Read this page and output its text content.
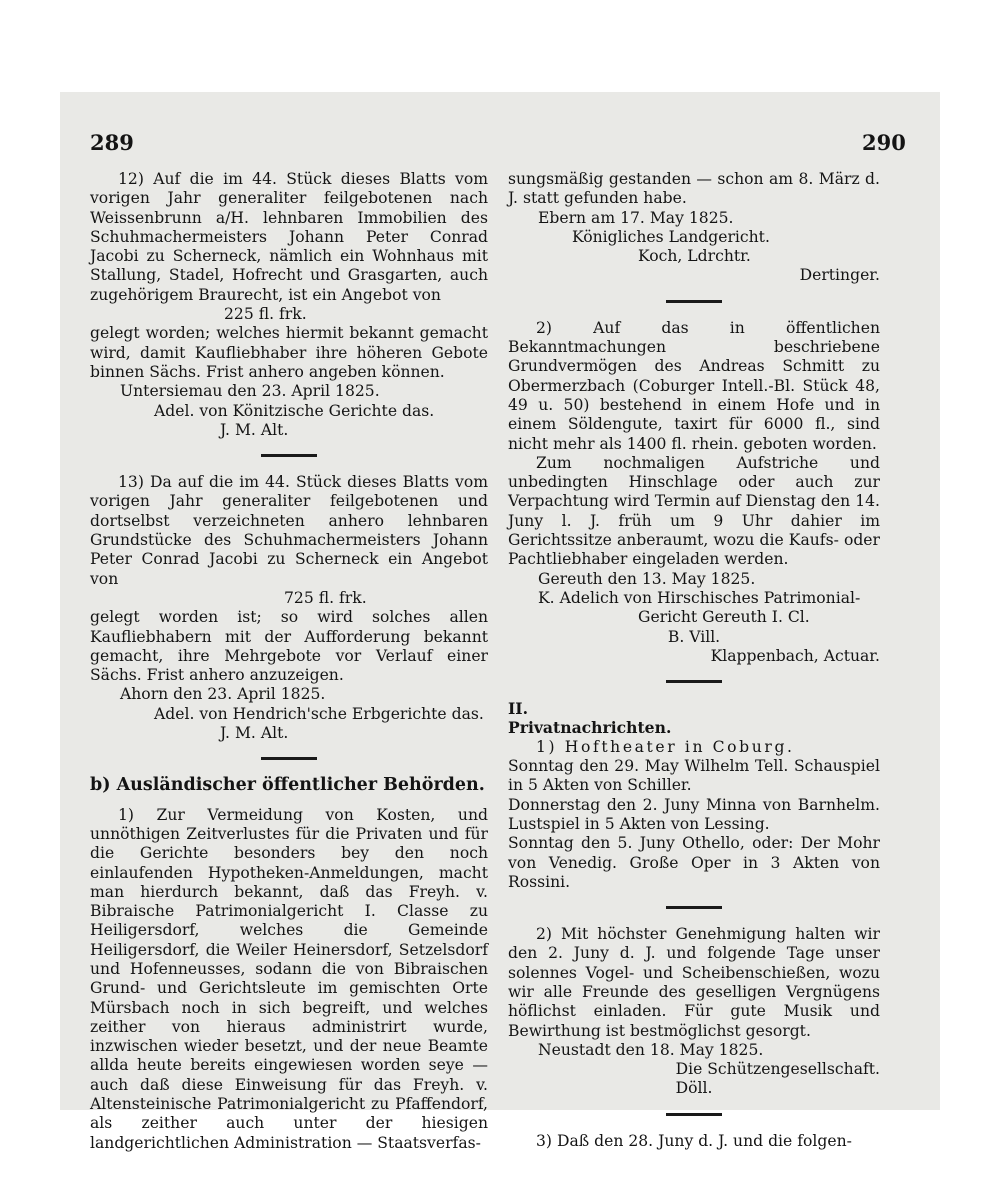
289	290

12) Auf die im 44. Stück dieses Blatts vom vorigen Jahr generaliter feilgebotenen nach Weissenbrunn a/H. lehnbaren Immobilien des Schuhmachermeisters Johann Peter Conrad Jacobi zu Scherneck, nämlich ein Wohnhaus mit Stallung, Stadel, Hofrecht und Grasgarten, auch zugehörigem Braurecht, ist ein Angebot von

225 fl. frk.

gelegt worden; welches hiermit bekannt gemacht wird, damit Kaufliebhaber ihre höheren Gebote binnen Sächs. Frist anhero angeben können.

Untersiemau den 23. April 1825.

Adel. von Könitzische Gerichte das.

J. M. Alt.

13) Da auf die im 44. Stück dieses Blatts vom vorigen Jahr generaliter feilgebotenen und dortselbst verzeichneten anhero lehnbaren Grundstücke des Schuhmachermeisters Johann Peter Conrad Jacobi zu Scherneck ein Angebot von

725 fl. frk.

gelegt worden ist; so wird solches allen Kaufliebhabern mit der Aufforderung bekannt gemacht, ihre Mehrgebote vor Verlauf einer Sächs. Frist anhero anzuzeigen.

Ahorn den 23. April 1825.

Adel. von Hendrich'sche Erbgerichte das.

J. M. Alt.

b) Ausländischer öffentlicher Behörden.

1) Zur Vermeidung von Kosten, und unnöthigen Zeitverlustes für die Privaten und für die Gerichte besonders bey den noch einlaufenden Hypotheken-Anmeldungen, macht man hierdurch bekannt, daß das Freyh. v. Bibraische Patrimonialgericht I. Classe zu Heiligersdorf, welches die Gemeinde Heiligersdorf, die Weiler Heinersdorf, Setzelsdorf und Hofenneusses, sodann die von Bibraischen Grund- und Gerichtsleute im gemischten Orte Mürsbach noch in sich begreift, und welches zeither von hieraus administrirt wurde, inzwischen wieder besetzt, und der neue Beamte allda heute bereits eingewiesen worden seye — auch daß diese Einweisung für das Freyh. v. Altensteinische Patrimonialgericht zu Pfaffendorf, als zeither auch unter der hiesigen landgerichtlichen Administration — Staatsverfas-

sungsmäßig gestanden — schon am 8. März d. J. statt gefunden habe.

Ebern am 17. May 1825.

Königliches Landgericht.

Koch, Ldrchtr.

Dertinger.

2) Auf das in öffentlichen Bekanntmachungen beschriebene Grundvermögen des Andreas Schmitt zu Obermerzbach (Coburger Intell.-Bl. Stück 48, 49 u. 50) bestehend in einem Hofe und in einem Söldengute, taxirt für 6000 fl., sind nicht mehr als 1400 fl. rhein. geboten worden.

Zum nochmaligen Aufstriche und unbedingten Hinschlage oder auch zur Verpachtung wird Termin auf Dienstag den 14. Juny l. J. früh um 9 Uhr dahier im Gerichtssitze anberaumt, wozu die Kaufs- oder Pachtliebhaber eingeladen werden.

Gereuth den 13. May 1825.

K. Adelich von Hirschisches Patrimonial-

Gericht Gereuth I. Cl.

B. Vill.

Klappenbach, Actuar.

II.

Privatnachrichten.

1) Hoftheater in Coburg.

Sonntag den 29. May Wilhelm Tell. Schauspiel in 5 Akten von Schiller.

Donnerstag den 2. Juny Minna von Barnhelm. Lustspiel in 5 Akten von Lessing.

Sonntag den 5. Juny Othello, oder: Der Mohr von Venedig. Große Oper in 3 Akten von Rossini.

2) Mit höchster Genehmigung halten wir den 2. Juny d. J. und folgende Tage unser solennes Vogel- und Scheibenschießen, wozu wir alle Freunde des geselligen Vergnügens höflichst einladen. Für gute Musik und Bewirthung ist bestmöglichst gesorgt.

Neustadt den 18. May 1825.

Die Schützengesellschaft.

Döll.

3) Daß den 28. Juny d. J. und die folgen-
